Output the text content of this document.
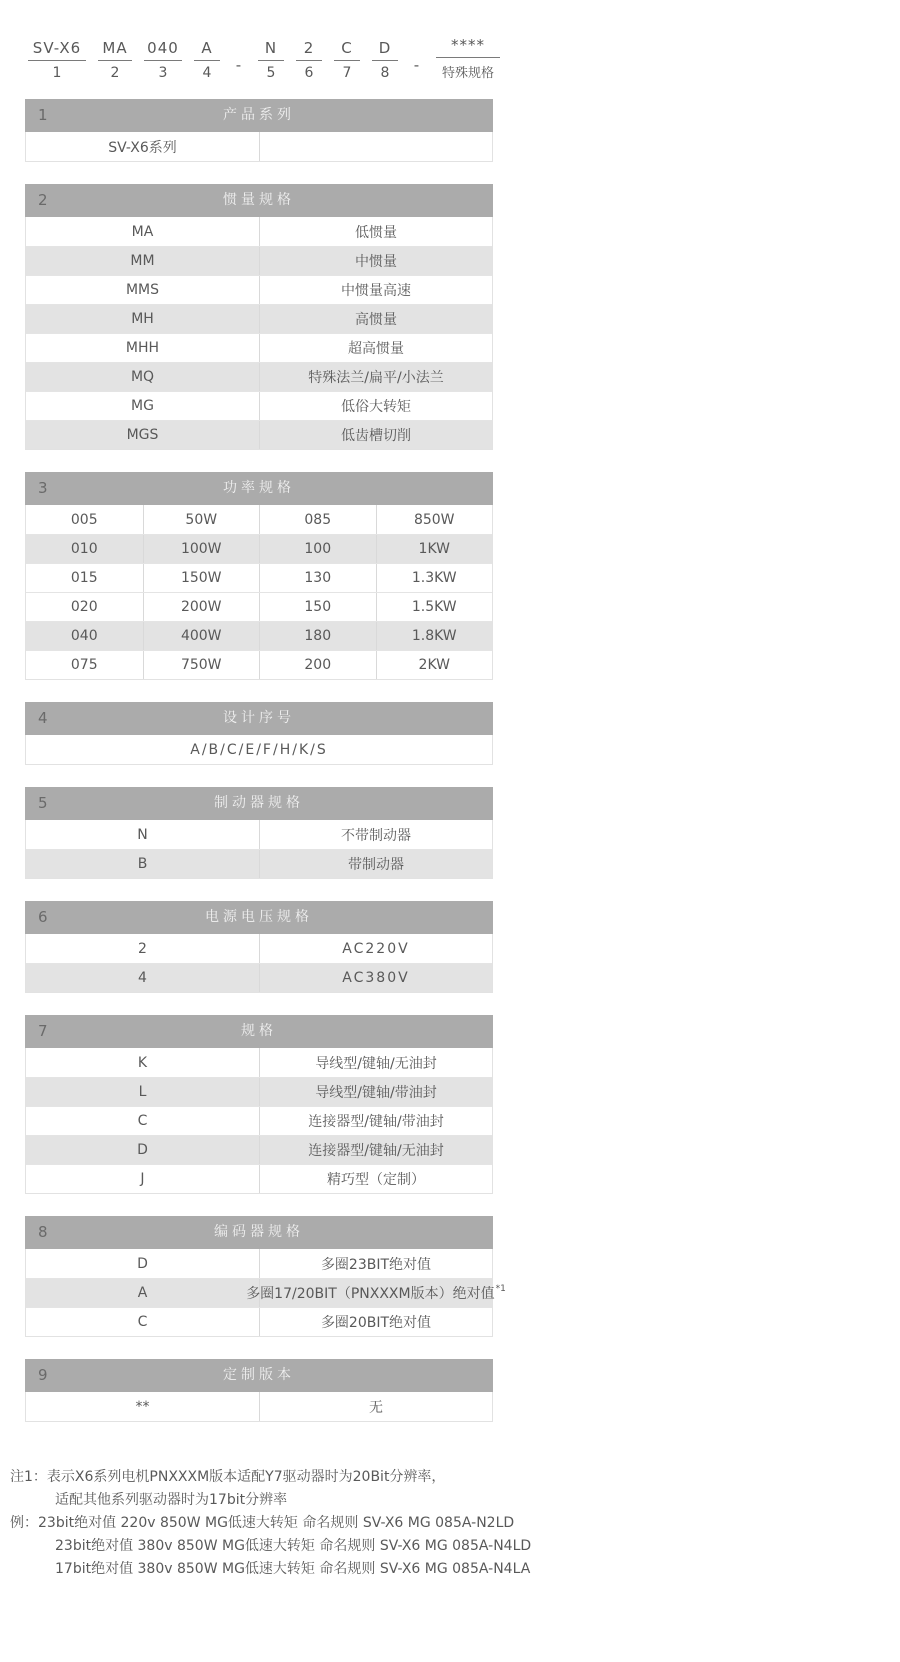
SV-X6
1
MA
2
040
3
A
4	-
N
5
2
6
C
7
D
8	-
****
特殊规格
1	产品系列
SV-X6系列
2	惯量规格
MA	低惯量
MM	中惯量
MMS	中惯量高速
MH	高惯量
MHH	超高惯量
MQ	特殊法兰/扁平/小法兰
MG	低俗大转矩
MGS	低齿槽切削
3	功率规格
005	50W	085	850W
010	100W	100	1KW
015	150W	130	1.3KW
020	200W	150	1.5KW
040	400W	180	1.8KW
075	750W	200	2KW
4	设计序号
A/B/C/E/F/H/K/S
5	制动器规格
N	不带制动器
B	带制动器
6	电源电压规格
2	AC220V
4	AC380V
7	规格
K	导线型/键轴/无油封
L	导线型/键轴/带油封
C	连接器型/键轴/带油封
D	连接器型/键轴/无油封
J	精巧型（定制）
8	编码器规格
D	多圈23BIT绝对值
A	多圈17/20BIT（PNXXXM版本）绝对值$^{*1}$
C	多圈20BIT绝对值
9	定制版本
**	无
注1：表示X6系列电机PNXXXM版本适配Y7驱动器时为20Bit分辨率，
适配其他系列驱动器时为17bit分辨率
例：23bit绝对值 220v 850W MG低速大转矩 命名规则 SV-X6 MG 085A-N2LD
23bit绝对值 380v 850W MG低速大转矩 命名规则 SV-X6 MG 085A-N4LD
17bit绝对值 380v 850W MG低速大转矩 命名规则 SV-X6 MG 085A-N4LA
